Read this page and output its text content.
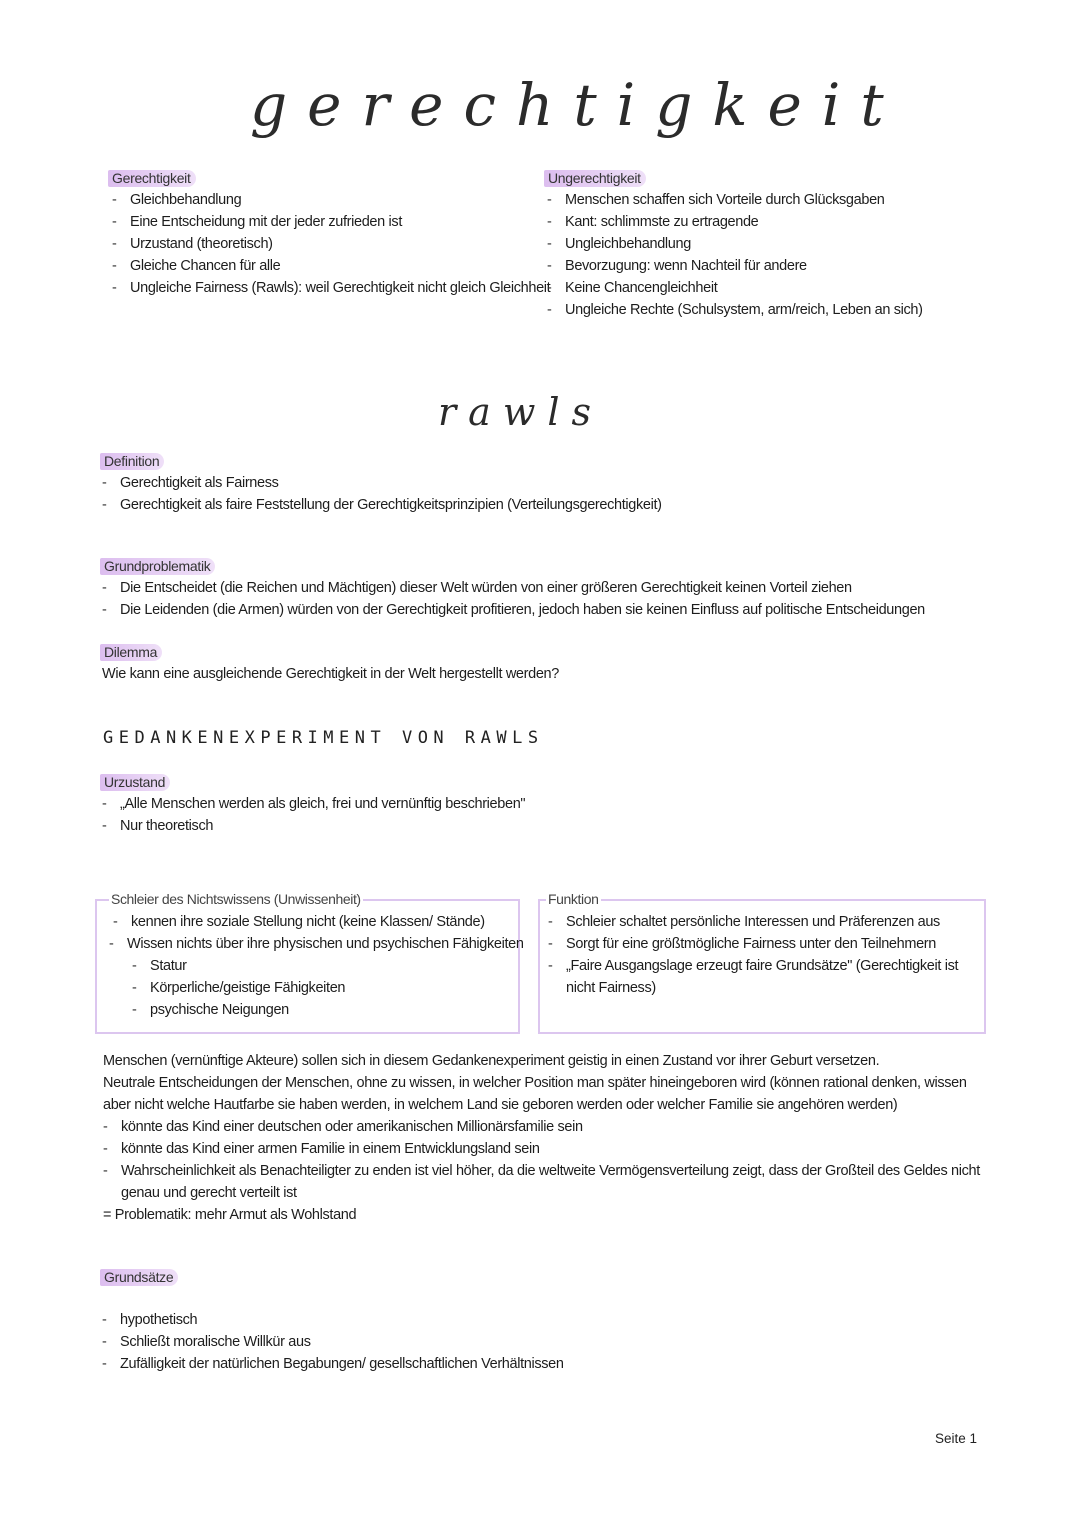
gerechtigkeit
rawls
Gerechtigkeit
- Gleichbehandlung
- Eine Entscheidung mit der jeder zufrieden ist
- Urzustand (theoretisch)
- Gleiche Chancen für alle
- Ungleiche Fairness (Rawls): weil Gerechtigkeit nicht gleich Gleichheit
Ungerechtigkeit
- Menschen schaffen sich Vorteile durch Glücksgaben
- Kant: schlimmste zu ertragende
- Ungleichbehandlung
- Bevorzugung: wenn Nachteil für andere
- Keine Chancengleichheit
- Ungleiche Rechte (Schulsystem, arm/reich, Leben an sich)
Definition
- Gerechtigkeit als Fairness
- Gerechtigkeit als faire Feststellung der Gerechtigkeitsprinzipien (Verteilungsgerechtigkeit)
Grundproblematik
- Die Entscheidet (die Reichen und Mächtigen) dieser Welt würden von einer größeren Gerechtigkeit keinen Vorteil ziehen
- Die Leidenden (die Armen) würden von der Gerechtigkeit profitieren, jedoch haben sie keinen Einfluss auf politische Entscheidungen
Dilemma
Wie kann eine ausgleichende Gerechtigkeit in der Welt hergestellt werden?
GEDANKENEXPERIMENT VON RAWLS
Urzustand
- „Alle Menschen werden als gleich, frei und vernünftig beschrieben"
- Nur theoretisch
Schleier des Nichtswissens (Unwissenheit)
- kennen ihre soziale Stellung nicht (keine Klassen/ Stände)
- Wissen nichts über ihre physischen und psychischen Fähigkeiten
- Statur
- Körperliche/geistige Fähigkeiten
- psychische Neigungen
Funktion
- Schleier schaltet persönliche Interessen und Präferenzen aus
- Sorgt für eine größtmögliche Fairness unter den Teilnehmern
- „Faire Ausgangslage erzeugt faire Grundsätze" (Gerechtigkeit ist nicht Fairness)
Menschen (vernünftige Akteure) sollen sich in diesem Gedankenexperiment geistig in einen Zustand vor ihrer Geburt versetzen.
Neutrale Entscheidungen der Menschen, ohne zu wissen, in welcher Position man später hineingeboren wird (können rational denken, wissen aber nicht welche Hautfarbe sie haben werden, in welchem Land sie geboren werden oder welcher Familie sie angehören werden)
- könnte das Kind einer deutschen oder amerikanischen Millionärsfamilie sein
- könnte das Kind einer armen Familie in einem Entwicklungsland sein
- Wahrscheinlichkeit als Benachteiligter zu enden ist viel höher, da die weltweite Vermögensverteilung zeigt, dass der Großteil des Geldes nicht genau und gerecht verteilt ist
= Problematik: mehr Armut als Wohlstand
Grundsätze
- hypothetisch
- Schließt moralische Willkür aus
- Zufälligkeit der natürlichen Begabungen/ gesellschaftlichen Verhältnissen
Seite 1
